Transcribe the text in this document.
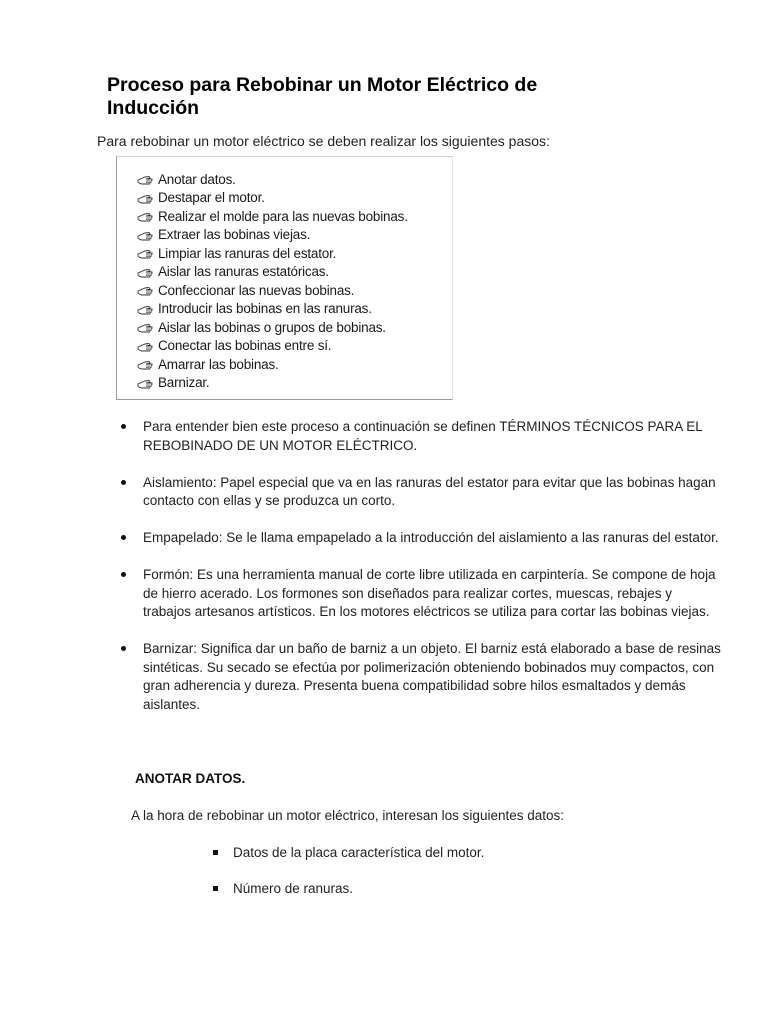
Proceso para Rebobinar un Motor Eléctrico de Inducción
Para rebobinar un motor eléctrico se deben realizar los siguientes pasos:
Anotar datos.
Destapar el motor.
Realizar el molde para las nuevas bobinas.
Extraer las bobinas viejas.
Limpiar las ranuras del estator.
Aislar las ranuras estatóricas.
Confeccionar las nuevas bobinas.
Introducir las bobinas en las ranuras.
Aislar las bobinas o grupos de bobinas.
Conectar las bobinas entre sí.
Amarrar las bobinas.
Barnizar.
Para entender bien este proceso a continuación se definen TÉRMINOS TÉCNICOS PARA EL REBOBINADO DE UN MOTOR ELÉCTRICO.
Aislamiento: Papel especial que va en las ranuras del estator para evitar que las bobinas hagan contacto con ellas y se produzca un corto.
Empapelado: Se le llama empapelado a la introducción del aislamiento a las ranuras del estator.
Formón: Es una herramienta manual de corte libre utilizada en carpintería. Se compone de hoja de hierro acerado. Los formones son diseñados para realizar cortes, muescas, rebajes y trabajos artesanos artísticos. En los motores eléctricos se utiliza para cortar las bobinas viejas.
Barnizar: Significa dar un baño de barniz a un objeto. El barniz está elaborado a base de resinas sintéticas. Su secado se efectúa por polimerización obteniendo bobinados muy compactos, con gran adherencia y dureza. Presenta buena compatibilidad sobre hilos esmaltados y demás aislantes.
ANOTAR DATOS.
A la hora de rebobinar un motor eléctrico, interesan los siguientes datos:
Datos de la placa característica del motor.
Número de ranuras.
